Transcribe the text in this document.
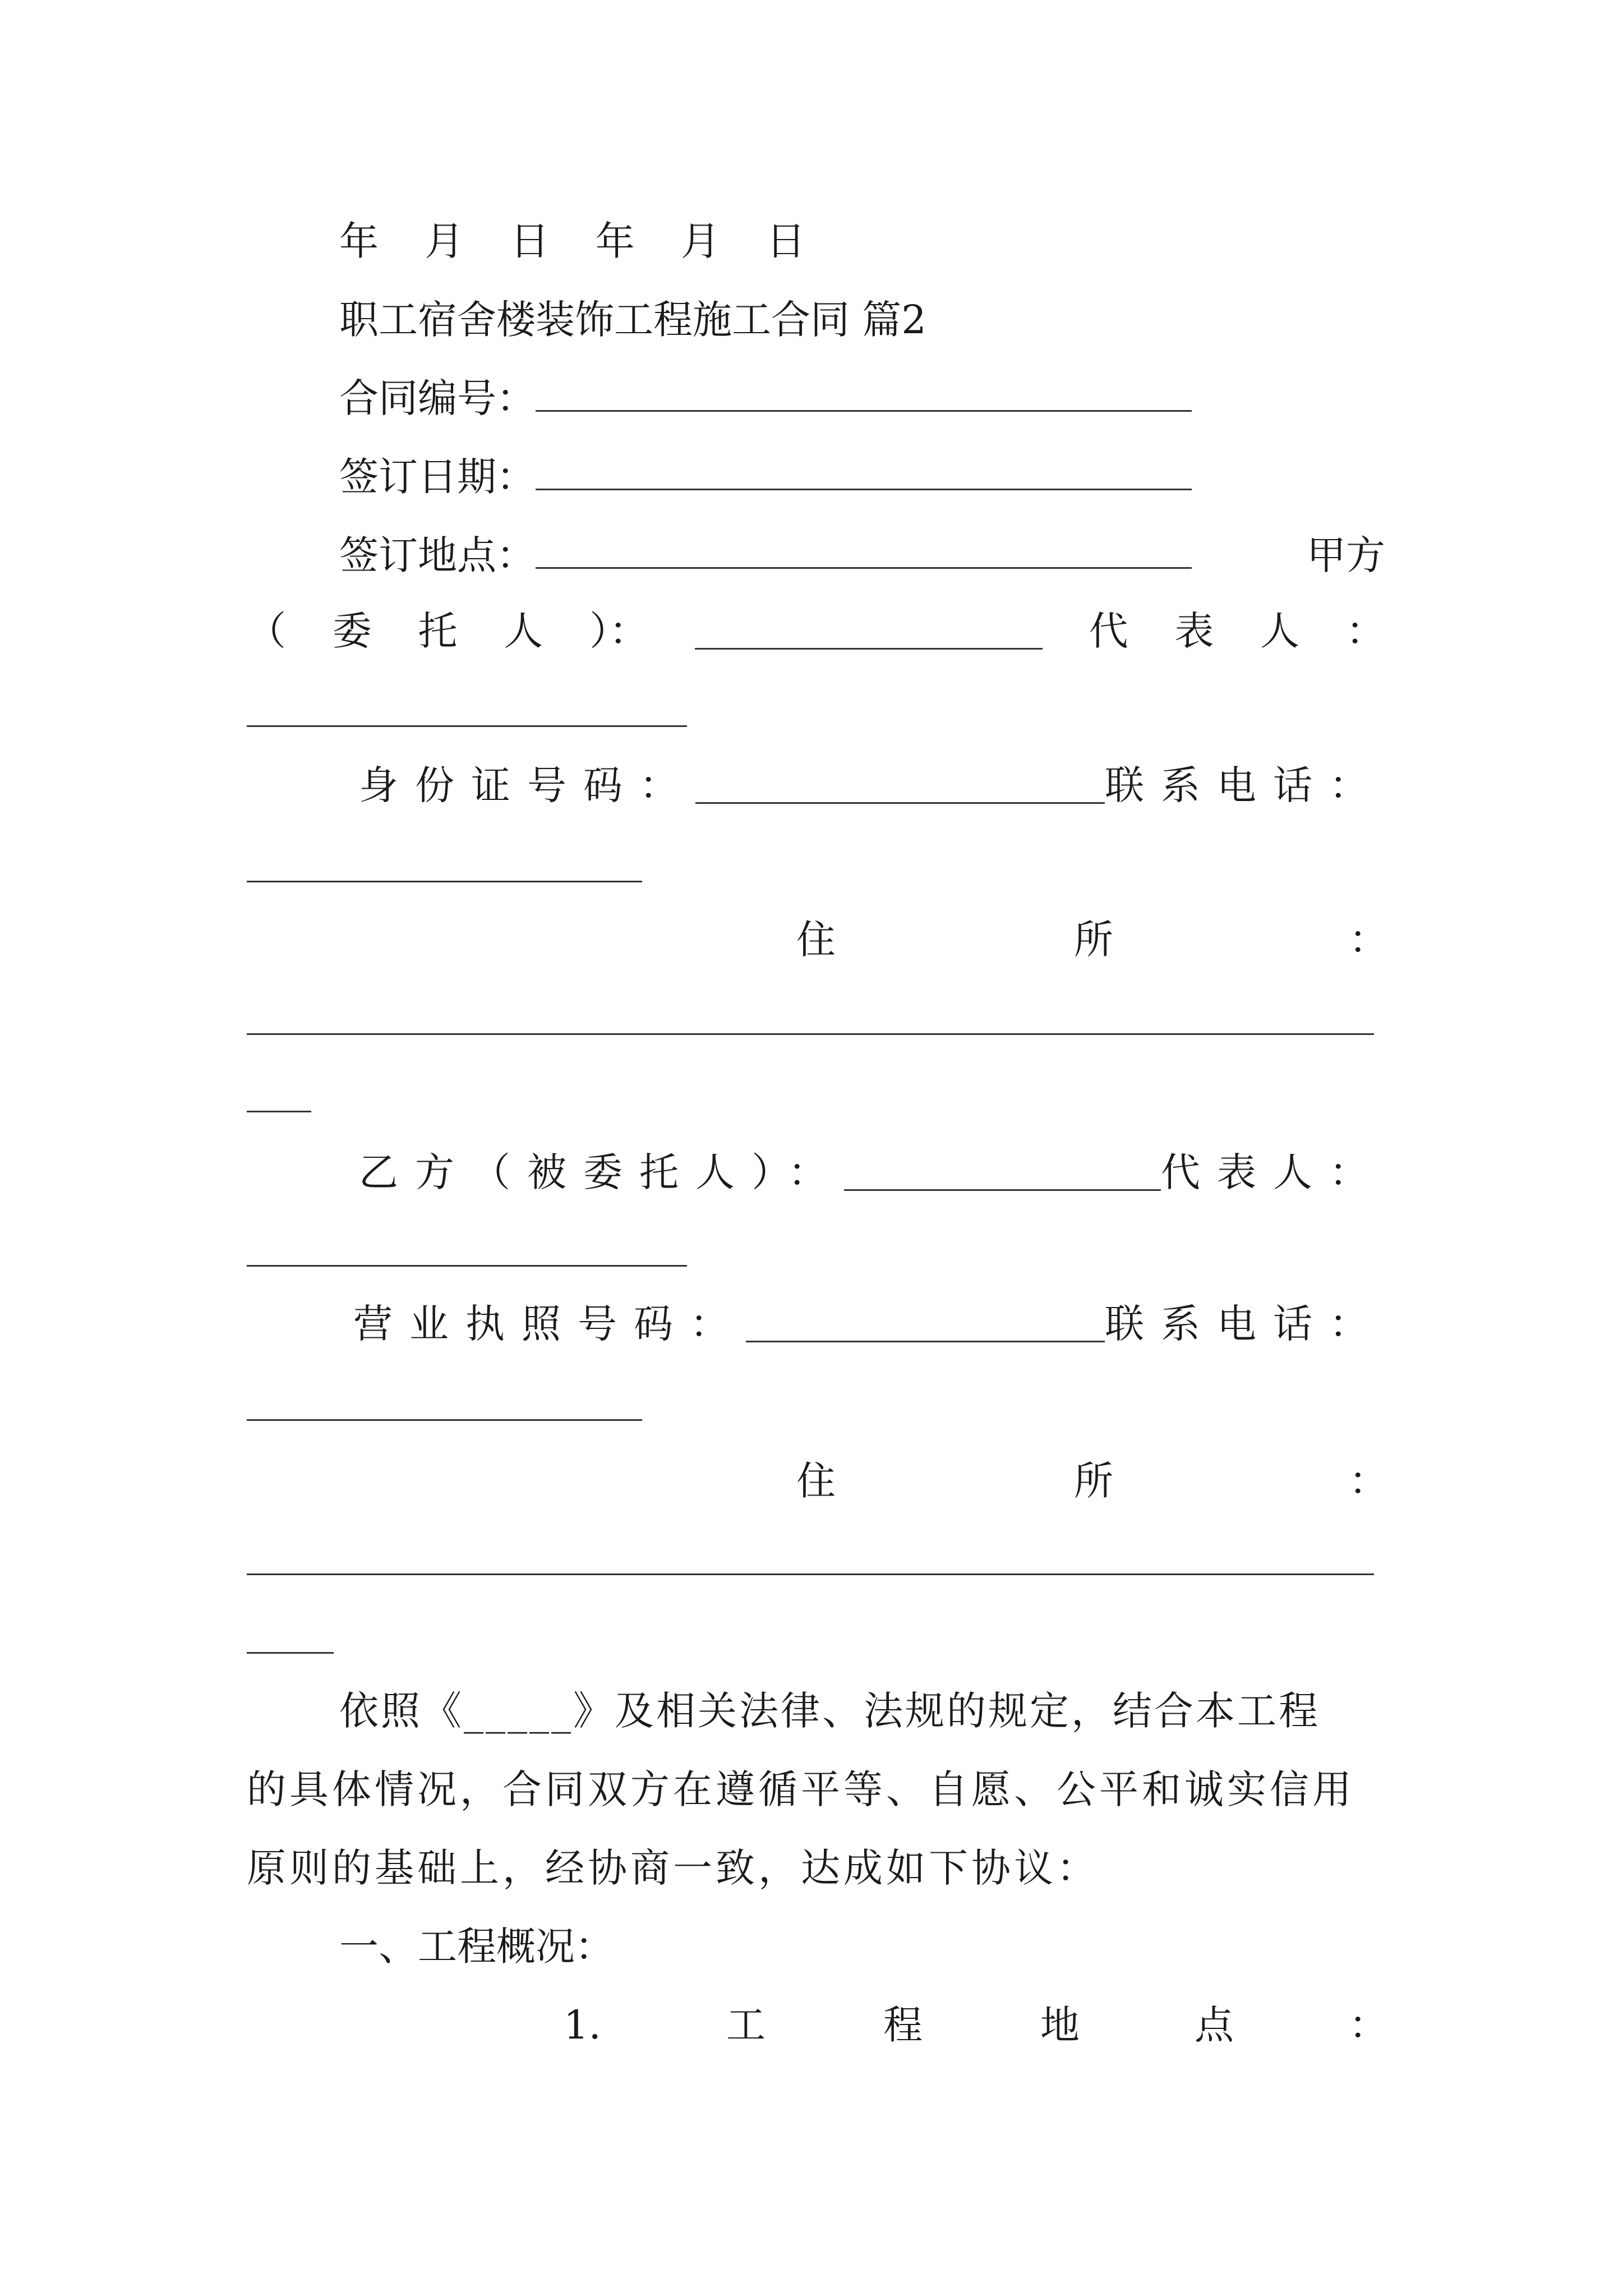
年 月 日 年 月 日
职工宿舍楼装饰工程施工合同 篇2
合同编号：
签订日期：
签订地点：	甲方
（ 委 托 人 ）：	代 表 人 ：
身份证号码：	联系电话：
住	所	：
乙方（被委托人）：	代表人：
营业执照号码：	联系电话：
住	所	：
依照《_____》及相关法律、法规的规定，结合本工程
的具体情况，合同双方在遵循平等、自愿、公平和诚实信用
原则的基础上，经协商一致，达成如下协议：
一、工程概况：
1.	工	程	地	点	：
